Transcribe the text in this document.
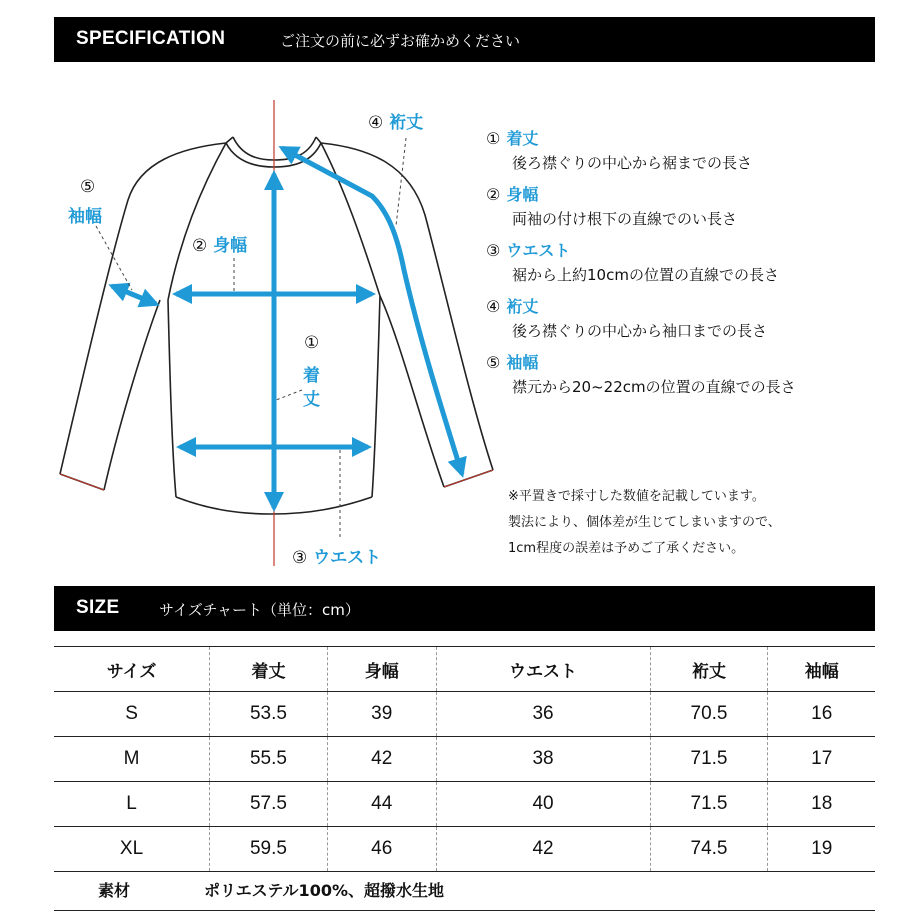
SPECIFICATION	ご注文の前に必ずお確かめください
④ 裄丈
⑤
袖幅
② 身幅
①
着
丈
③ ウエスト
① 着丈
後ろ襟ぐりの中心から裾までの長さ
② 身幅
両袖の付け根下の直線でのい長さ
③ ウエスト
裾から上約10cmの位置の直線での長さ
④ 裄丈
後ろ襟ぐりの中心から袖口までの長さ
⑤ 袖幅
襟元から20~22cmの位置の直線での長さ
※平置きで採寸した数値を記載しています。
製法により、個体差が生じてしまいますので、
1cm程度の誤差は予めご了承ください。
SIZE	サイズチャート（単位：cm）
サイズ	着丈	身幅	ウエスト	裄丈	袖幅
S	53.5	39	36	70.5	16
M	55.5	42	38	71.5	17
L	57.5	44	40	71.5	18
XL	59.5	46	42	74.5	19
素材	ポリエステル100%、超撥水生地
